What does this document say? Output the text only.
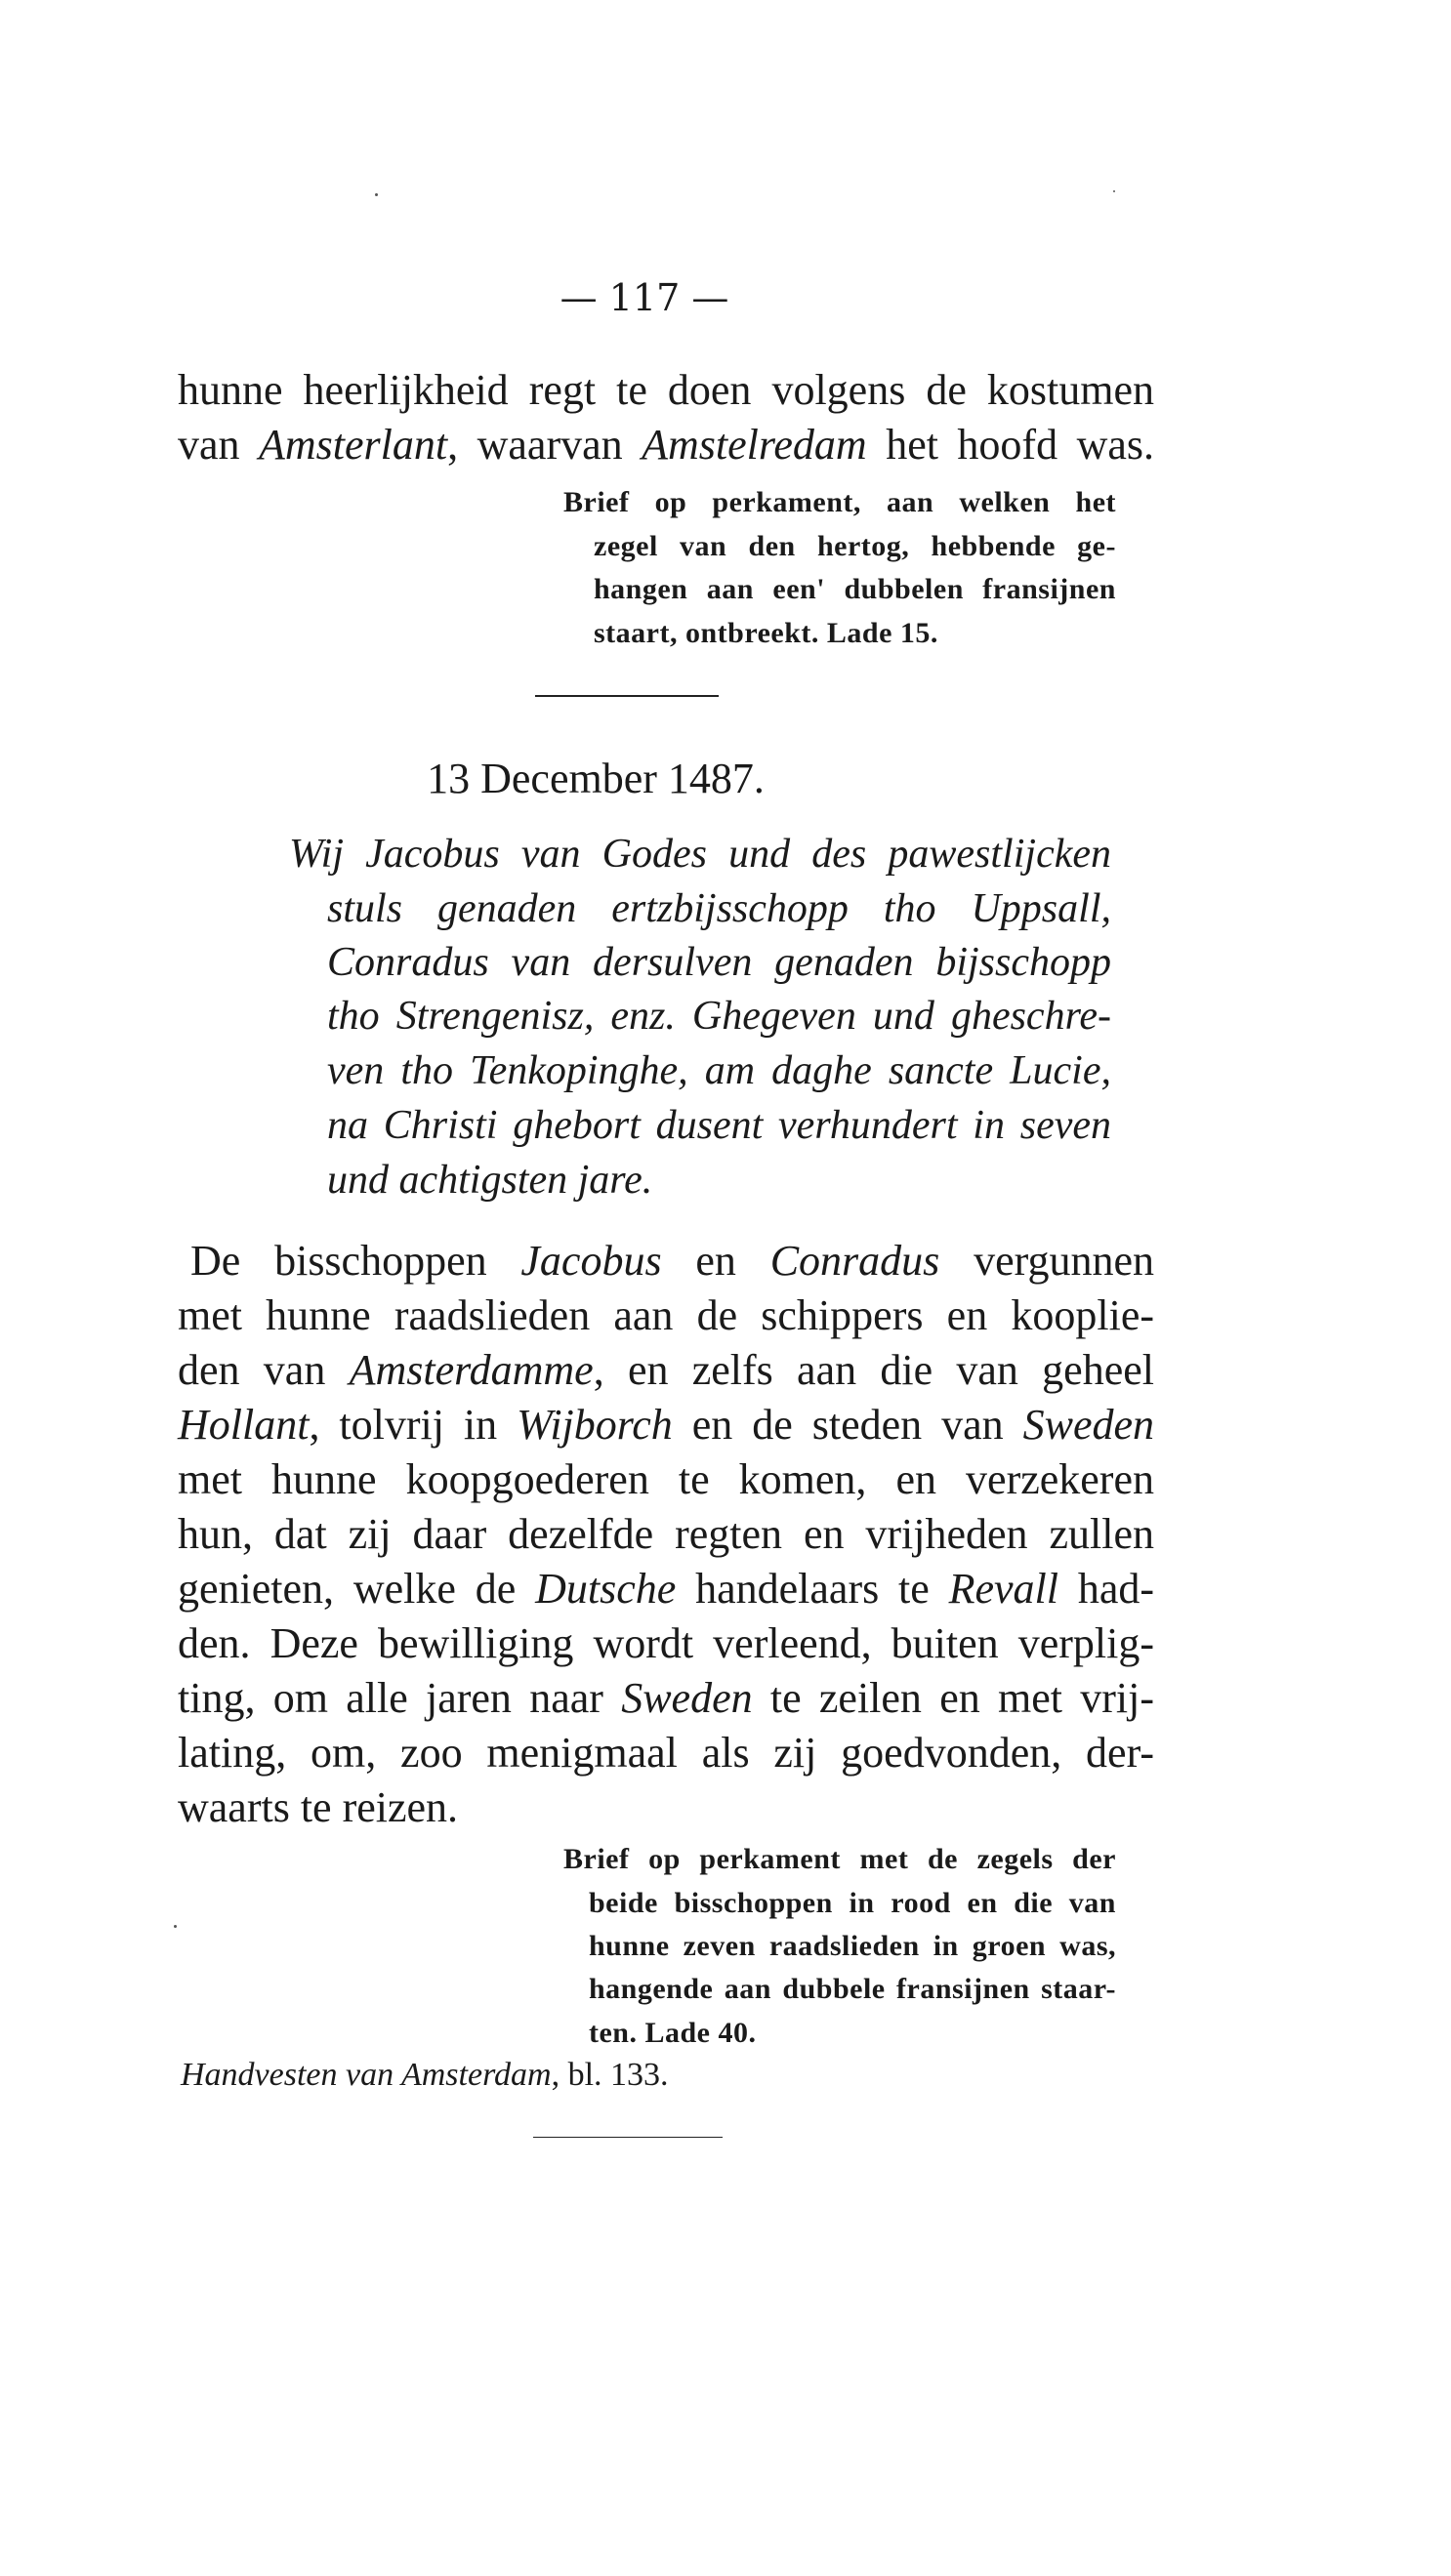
— 117 —
hunne heerlijkheid regt te doen volgens de kostumen
van Amsterlant, waarvan Amstelredam het hoofd was.
Brief op perkament, aan welken het
zegel van den hertog, hebbende ge-
hangen aan een' dubbelen fransijnen
staart, ontbreekt. Lade 15.
13 December 1487.
Wij Jacobus van Godes und des pawestlijcken
stuls genaden ertzbijsschopp tho Uppsall,
Conradus van dersulven genaden bijsschopp
tho Strengenisz, enz. Ghegeven und gheschre-
ven tho Tenkopinghe, am daghe sancte Lucie,
na Christi ghebort dusent verhundert in seven
und achtigsten jare.
De bisschoppen Jacobus en Conradus vergunnen
met hunne raadslieden aan de schippers en kooplie-
den van Amsterdamme, en zelfs aan die van geheel
Hollant, tolvrij in Wijborch en de steden van Sweden
met hunne koopgoederen te komen, en verzekeren
hun, dat zij daar dezelfde regten en vrijheden zullen
genieten, welke de Dutsche handelaars te Revall had-
den. Deze bewilliging wordt verleend, buiten verplig-
ting, om alle jaren naar Sweden te zeilen en met vrij-
lating, om, zoo menigmaal als zij goedvonden, der-
waarts te reizen.
Brief op perkament met de zegels der
beide bisschoppen in rood en die van
hunne zeven raadslieden in groen was,
hangende aan dubbele fransijnen staar-
ten. Lade 40.
Handvesten van Amsterdam, bl. 133.
